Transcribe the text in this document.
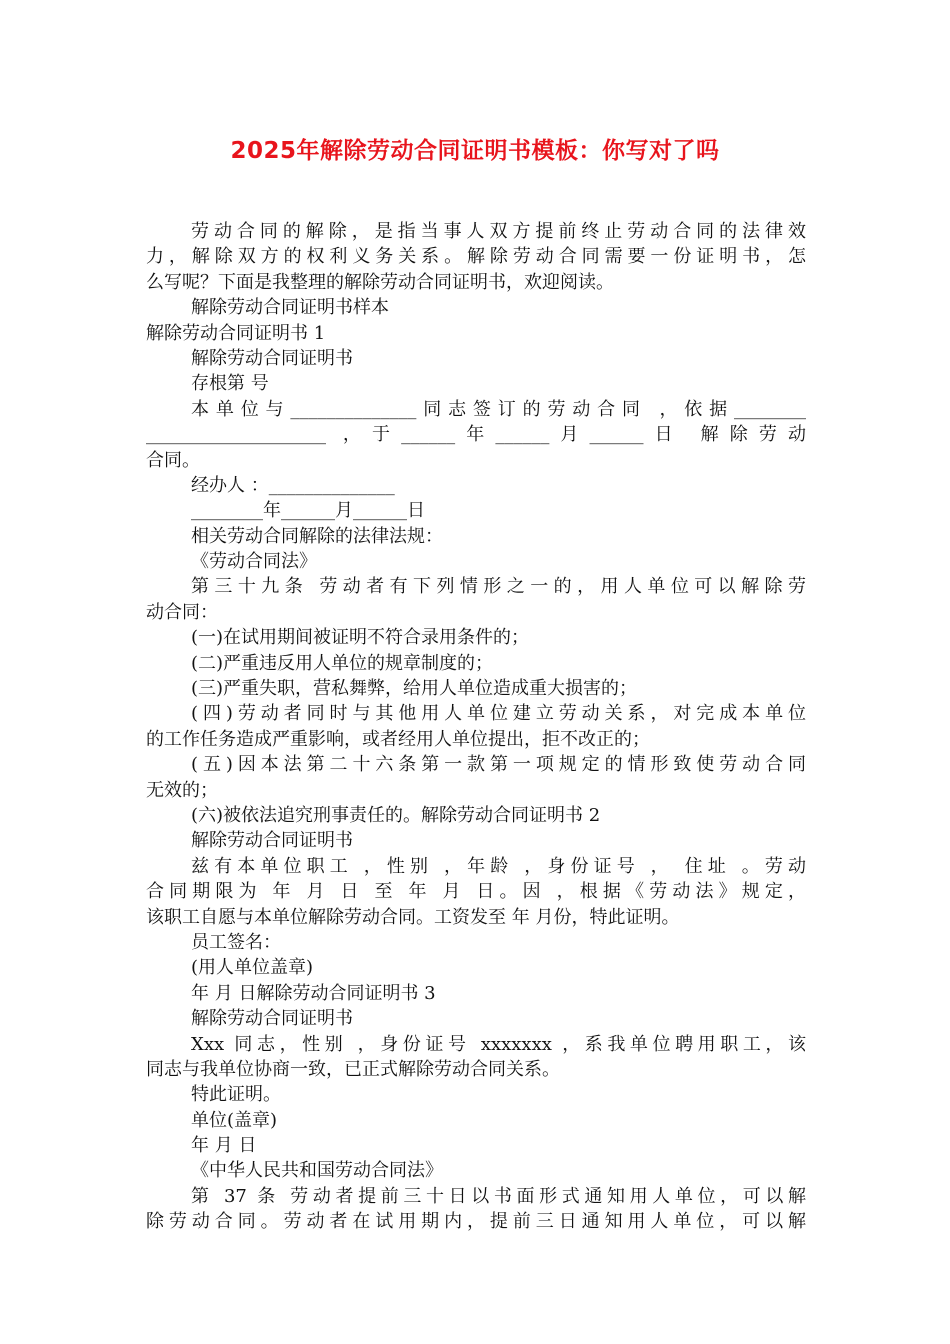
2025年解除劳动合同证明书模板：你写对了吗
劳动合同的解除，是指当事人双方提前终止劳动合同的法律效
力，解除双方的权利义务关系。解除劳动合同需要一份证明书，怎
么写呢？下面是我整理的解除劳动合同证明书，欢迎阅读。
解除劳动合同证明书样本
解除劳动合同证明书 1
解除劳动合同证明书
存根第 号
本单位与______________同志签订的劳动合同 ，依据________
____________________ ，于______年______月______日 解除劳动
合同。
经办人 ：______________
________年______月______日
相关劳动合同解除的法律法规：
《劳动合同法》
第三十九条 劳动者有下列情形之一的，用人单位可以解除劳
动合同：
(一)在试用期间被证明不符合录用条件的；
(二)严重违反用人单位的规章制度的；
(三)严重失职，营私舞弊，给用人单位造成重大损害的；
(四)劳动者同时与其他用人单位建立劳动关系，对完成本单位
的工作任务造成严重影响，或者经用人单位提出，拒不改正的；
(五)因本法第二十六条第一款第一项规定的情形致使劳动合同
无效的；
(六)被依法追究刑事责任的。解除劳动合同证明书 2
解除劳动合同证明书
兹有本单位职工 ，性别 ，年龄 ，身份证号 ， 住址 。劳动
合同期限为 年 月 日 至 年 月 日。因 ，根据《劳动法》规定，
该职工自愿与本单位解除劳动合同。工资发至 年 月份，特此证明。
员工签名：
(用人单位盖章)
年 月 日解除劳动合同证明书 3
解除劳动合同证明书
Xxx 同志，性别 ，身份证号 xxxxxxx ，系我单位聘用职工，该
同志与我单位协商一致，已正式解除劳动合同关系。
特此证明。
单位(盖章)
年 月 日
《中华人民共和国劳动合同法》
第 37 条 劳动者提前三十日以书面形式通知用人单位，可以解
除劳动合同。劳动者在试用期内，提前三日通知用人单位，可以解
